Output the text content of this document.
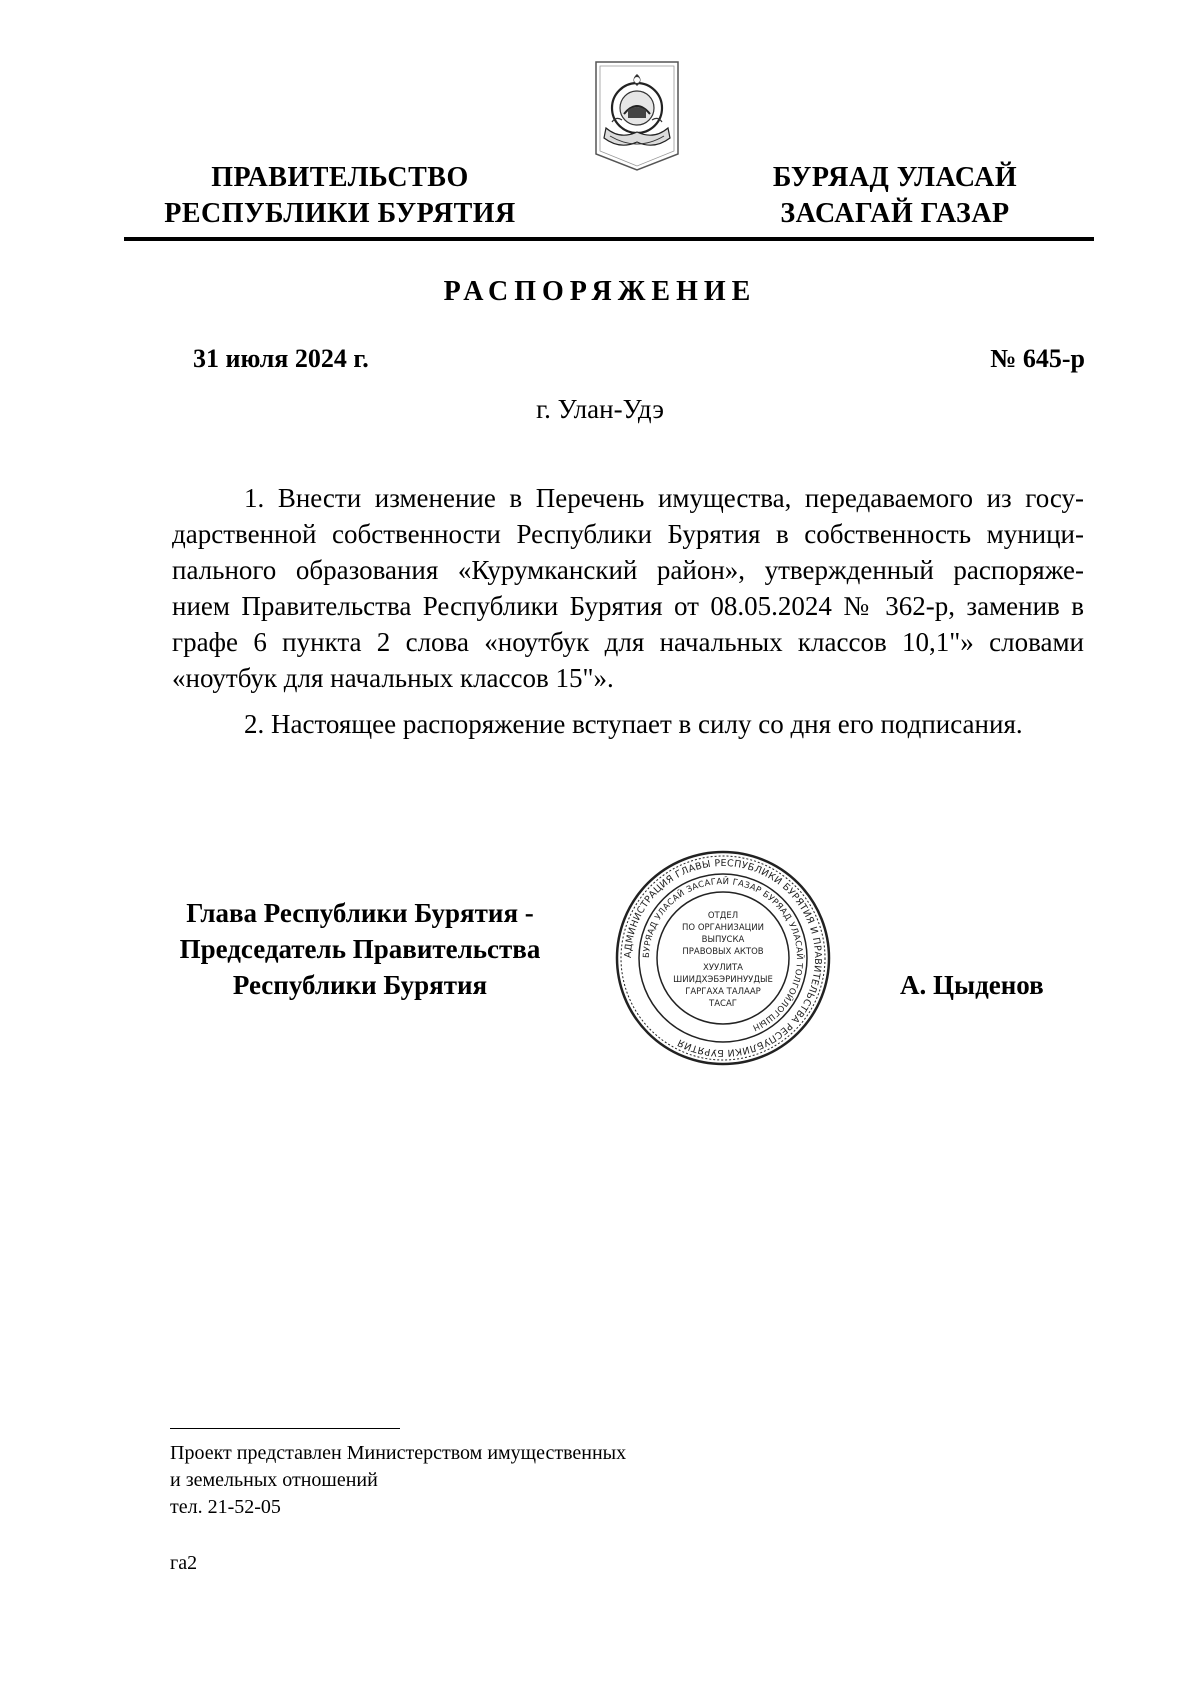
ПРАВИТЕЛЬСТВО
РЕСПУБЛИКИ БУРЯТИЯ
БУРЯАД УЛАСАЙ
ЗАСАГАЙ ГАЗАР
РАСПОРЯЖЕНИЕ
31 июля 2024 г.	№ 645-р
г. Улан-Удэ
1. Внести изменение в Перечень имущества, передаваемого из госу-
дарственной собственности Республики Бурятия в собственность муници-
пального образования «Курумканский район», утвержденный распоряже-
нием Правительства Республики Бурятия от 08.05.2024 № 362-р, заменив в
графе 6 пункта 2 слова «ноутбук для начальных классов 10,1"» словами
«ноутбук для начальных классов 15"».
2. Настоящее распоряжение вступает в силу со дня его подписания.
Глава Республики Бурятия -
Председатель Правительства
Республики Бурятия
АДМИНИСТРАЦИЯ ГЛАВЫ РЕСПУБЛИКИ БУРЯТИЯ И ПРАВИТЕЛЬСТВА РЕСПУБЛИКИ БУРЯТИЯ
БУРЯАД УЛАСАЙ ЗАСАГАЙ ГАЗАР БУРЯАД УЛАСАЙ ТОЛГОЙЛОГШЫН
ОТДЕЛ
ПО ОРГАНИЗАЦИИ
ВЫПУСКА
ПРАВОВЫХ АКТОВ
ХУУЛИТА
ШИИДХЭБЭРИНУУДЫЕ
ГАРГАХА ТАЛААР
ТАСАГ
А. Цыденов
Проект представлен Министерством имущественных
и земельных отношений
тел. 21-52-05
га2
